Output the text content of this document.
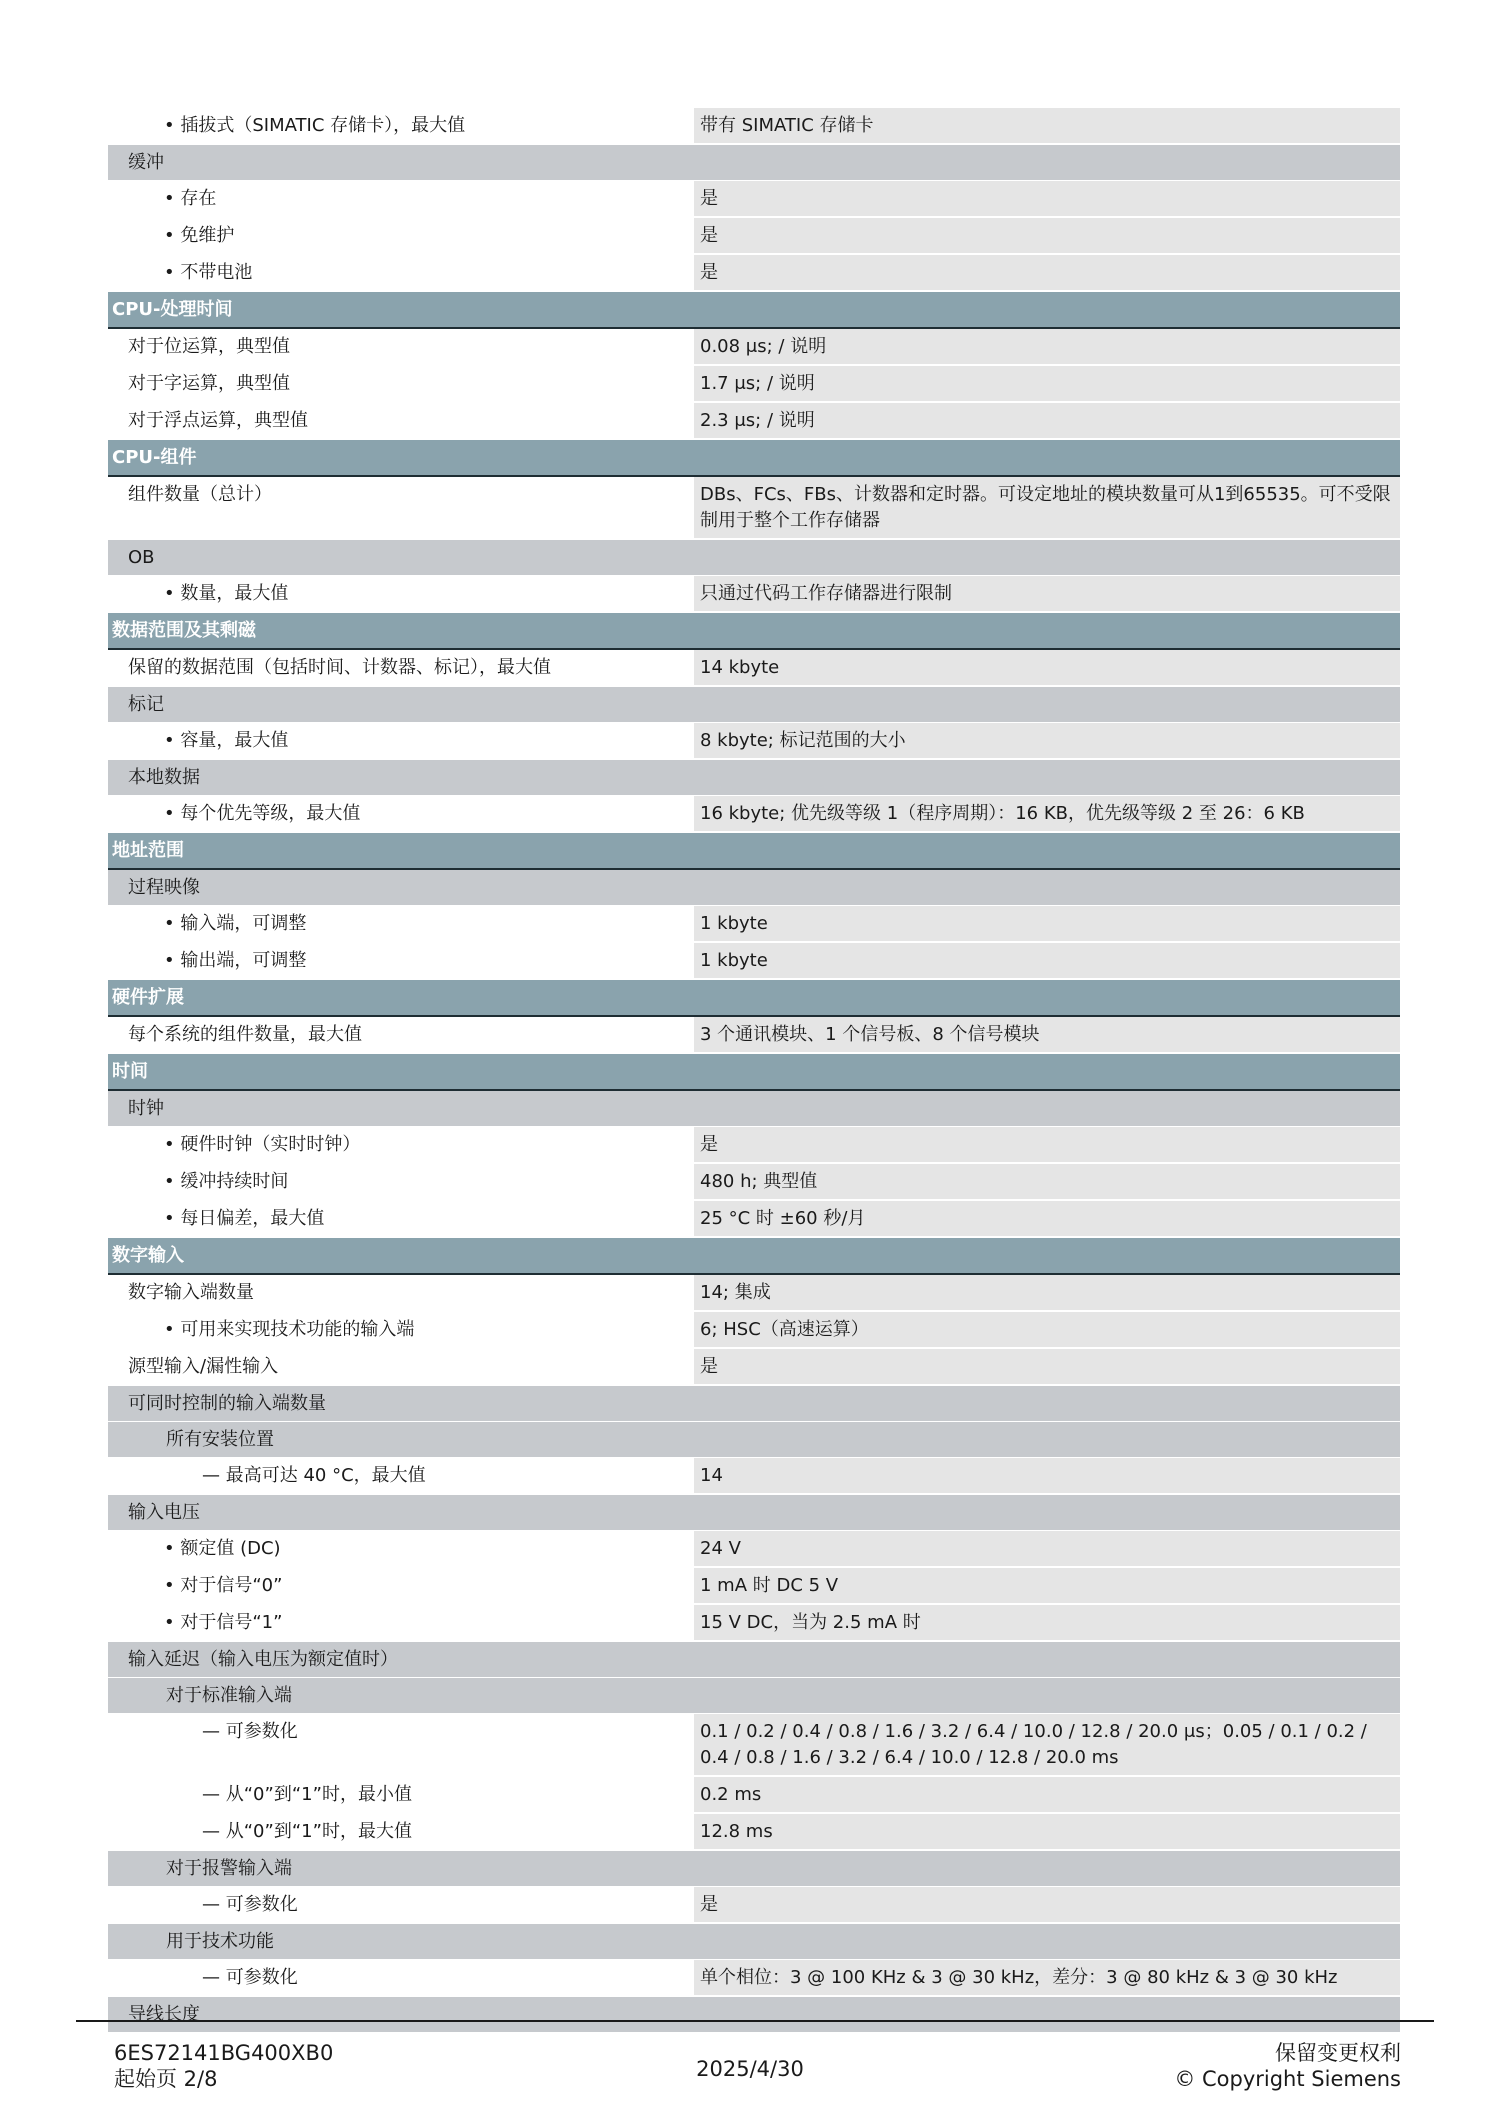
• 插拔式（SIMATIC 存储卡），最大值	带有 SIMATIC 存储卡
缓冲
• 存在	是
• 免维护	是
• 不带电池	是
CPU-处理时间
对于位运算，典型值	0.08 μs; / 说明
对于字运算，典型值	1.7 μs; / 说明
对于浮点运算，典型值	2.3 μs; / 说明
CPU-组件
组件数量（总计）	DBs、FCs、FBs、计数器和定时器。可设定地址的模块数量可从1到65535。可不受限制用于整个工作存储器
OB
• 数量，最大值	只通过代码工作存储器进行限制
数据范围及其剩磁
保留的数据范围（包括时间、计数器、标记），最大值	14 kbyte
标记
• 容量，最大值	8 kbyte; 标记范围的大小
本地数据
• 每个优先等级，最大值	16 kbyte; 优先级等级 1（程序周期）：16 KB，优先级等级 2 至 26：6 KB
地址范围
过程映像
• 输入端，可调整	1 kbyte
• 输出端，可调整	1 kbyte
硬件扩展
每个系统的组件数量，最大值	3 个通讯模块、1 个信号板、8 个信号模块
时间
时钟
• 硬件时钟（实时时钟）	是
• 缓冲持续时间	480 h; 典型值
• 每日偏差，最大值	25 °C 时 ±60 秒/月
数字输入
数字输入端数量	14; 集成
• 可用来实现技术功能的输入端	6; HSC（高速运算）
源型输入/漏性输入	是
可同时控制的输入端数量
所有安装位置
— 最高可达 40 °C，最大值	14
输入电压
• 额定值 (DC)	24 V
• 对于信号“0”	1 mA 时 DC 5 V
• 对于信号“1”	15 V DC，当为 2.5 mA 时
输入延迟（输入电压为额定值时）
对于标准输入端
— 可参数化	0.1 / 0.2 / 0.4 / 0.8 / 1.6 / 3.2 / 6.4 / 10.0 / 12.8 / 20.0 μs；0.05 / 0.1 / 0.2 / 0.4 / 0.8 / 1.6 / 3.2 / 6.4 / 10.0 / 12.8 / 20.0 ms
— 从“0”到“1”时，最小值	0.2 ms
— 从“0”到“1”时，最大值	12.8 ms
对于报警输入端
— 可参数化	是
用于技术功能
— 可参数化	单个相位：3 @ 100 KHz & 3 @ 30 kHz，差分：3 @ 80 kHz & 3 @ 30 kHz
导线长度
6ES72141BG400XB0
起始页 2/8	2025/4/30
保留变更权利
© Copyright Siemens
